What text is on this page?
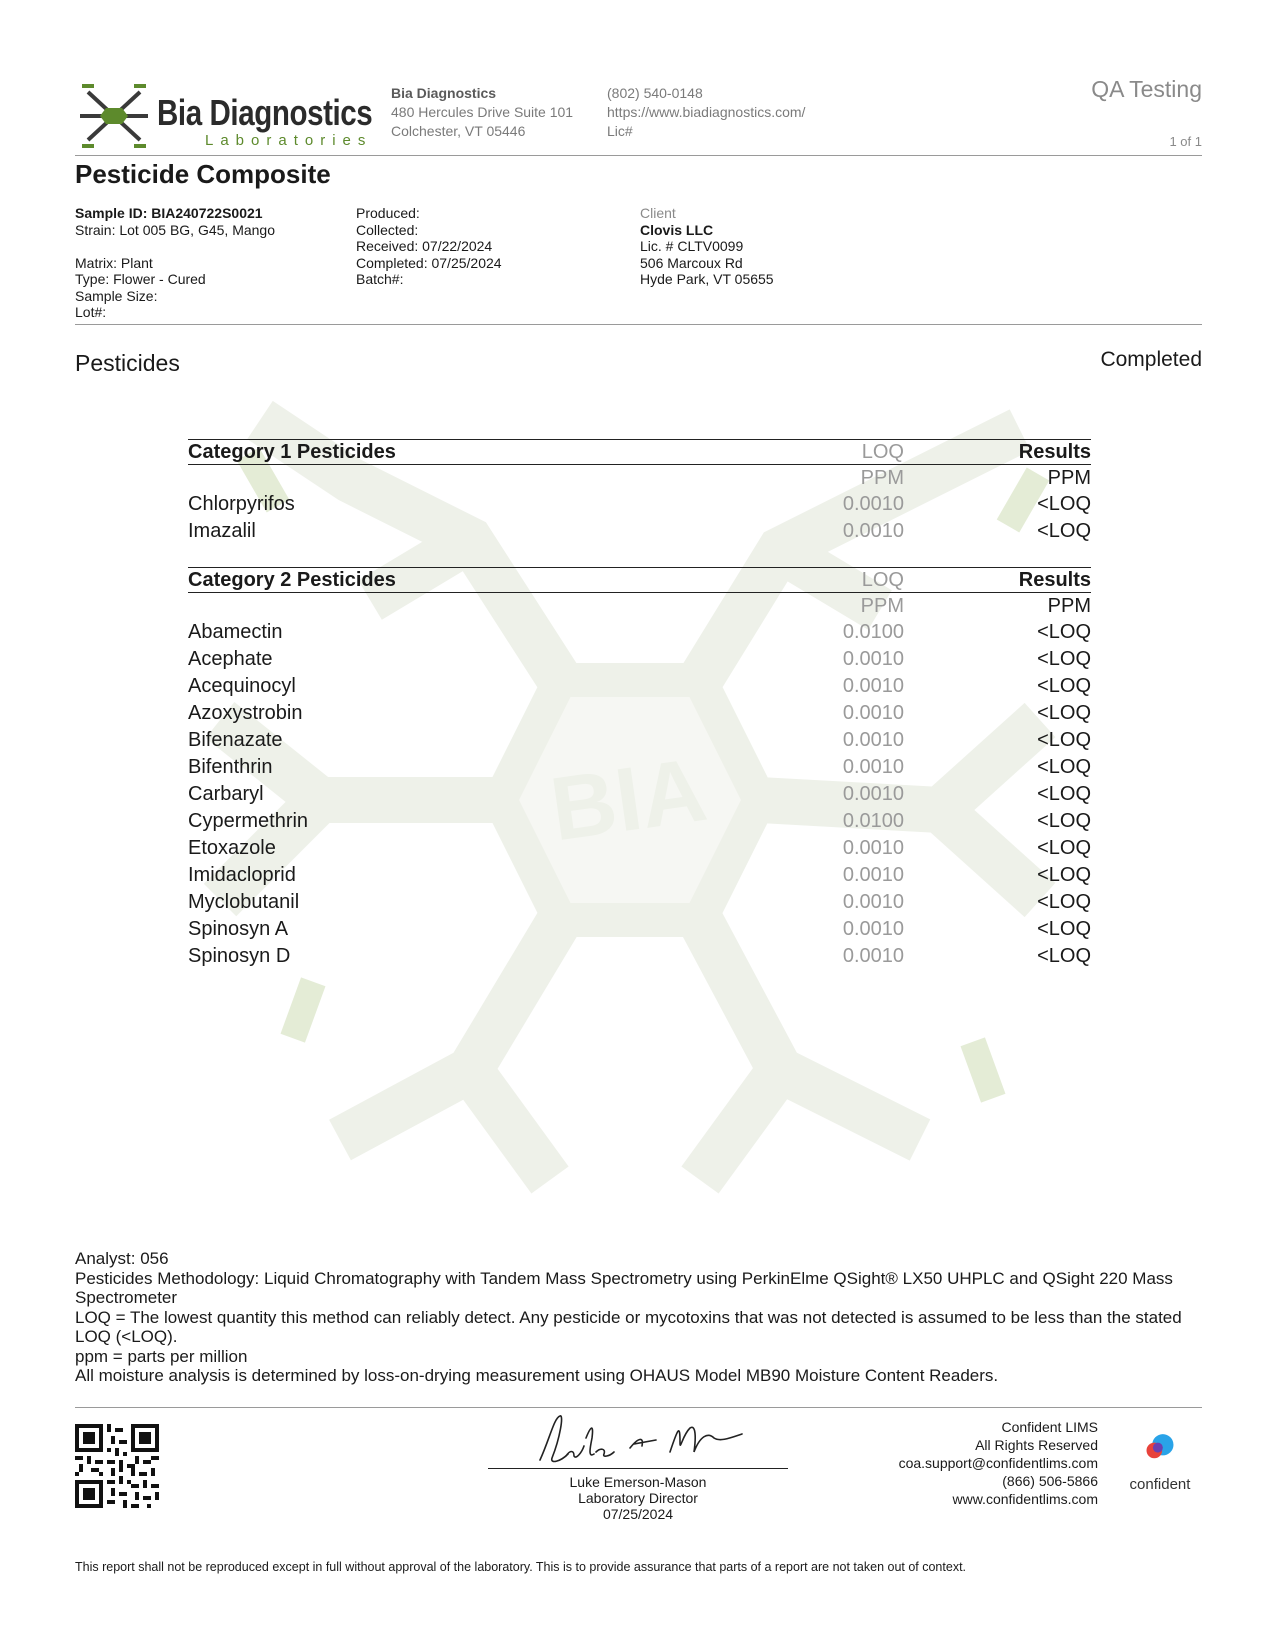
BIA
Bia Diagnostics
Laboratories
Bia Diagnostics
480 Hercules Drive Suite 101
Colchester, VT 05446
(802) 540-0148
https://www.biadiagnostics.com/
Lic#
QA Testing
1 of 1
Pesticide Composite
Sample ID: BIA240722S0021
Strain: Lot 005 BG, G45, Mango
Matrix: Plant
Type: Flower - Cured
Sample Size:
Lot#:
Produced:
Collected:
Received: 07/22/2024
Completed: 07/25/2024
Batch#:
Client
Clovis LLC
Lic. # CLTV0099
506 Marcoux Rd
Hyde Park, VT 05655
Pesticides	Completed
Category 1 Pesticides	LOQ	Results
PPM	PPM
Chlorpyrifos	0.0010	<LOQ
Imazalil	0.0010	<LOQ
Category 2 Pesticides	LOQ	Results
PPM	PPM
Abamectin	0.0100	<LOQ
Acephate	0.0010	<LOQ
Acequinocyl	0.0010	<LOQ
Azoxystrobin	0.0010	<LOQ
Bifenazate	0.0010	<LOQ
Bifenthrin	0.0010	<LOQ
Carbaryl	0.0010	<LOQ
Cypermethrin	0.0100	<LOQ
Etoxazole	0.0010	<LOQ
Imidacloprid	0.0010	<LOQ
Myclobutanil	0.0010	<LOQ
Spinosyn A	0.0010	<LOQ
Spinosyn D	0.0010	<LOQ
Analyst: 056
Pesticides Methodology: Liquid Chromatography with Tandem Mass Spectrometry using PerkinElme QSight® LX50 UHPLC and QSight 220 Mass Spectrometer
LOQ = The lowest quantity this method can reliably detect. Any pesticide or mycotoxins that was not detected is assumed to be less than the stated LOQ (<LOQ).
ppm = parts per million
All moisture analysis is determined by loss-on-drying measurement using OHAUS Model MB90 Moisture Content Readers.
Luke Emerson-Mason
Laboratory Director
07/25/2024
Confident LIMS
All Rights Reserved
coa.support@confidentlims.com
(866) 506-5866
www.confidentlims.com
confident
This report shall not be reproduced except in full without approval of the laboratory. This is to provide assurance that parts of a report are not taken out of context.
